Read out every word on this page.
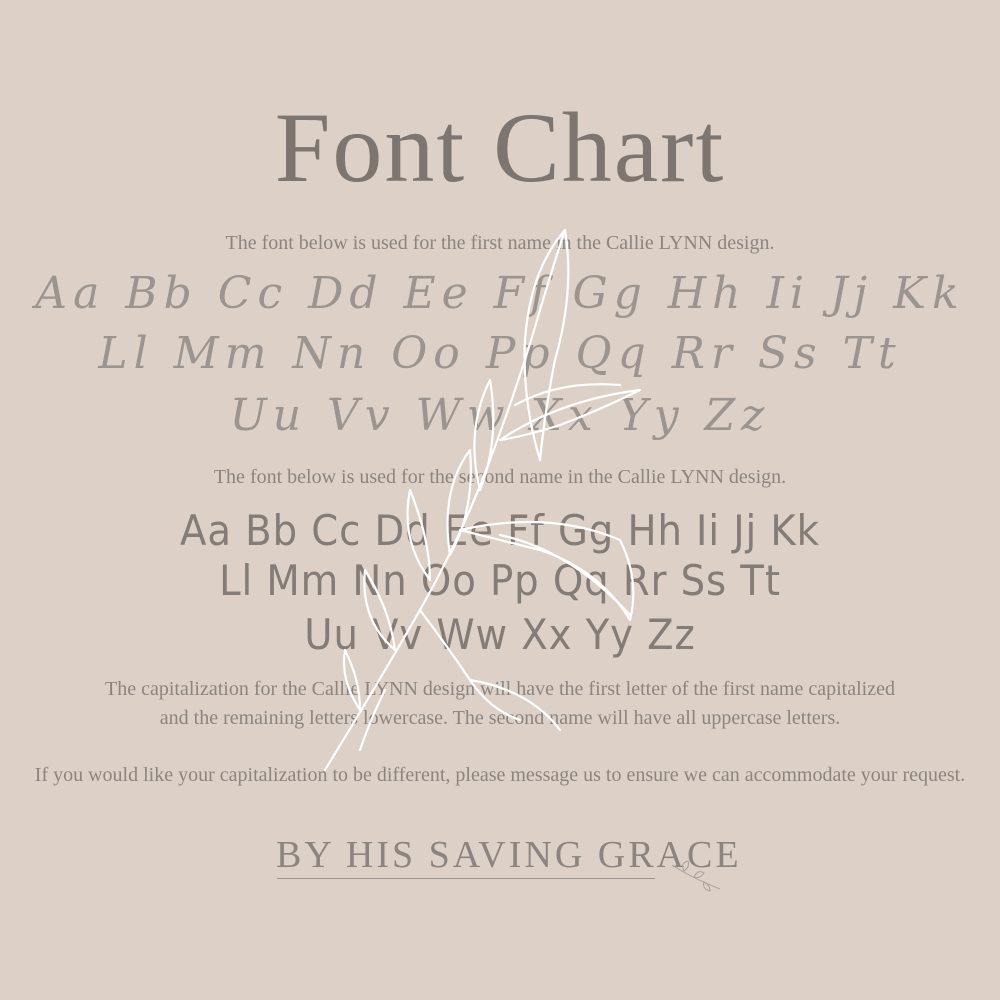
Font Chart
The font below is used for the first name in the Callie LYNN design.
Aa Bb Cc Dd Ee Ff Gg Hh Ii Jj Kk
Ll Mm Nn Oo Pp Qq Rr Ss Tt
Uu Vv Ww Xx Yy Zz
The font below is used for the second name in the Callie LYNN design.
Aa Bb Cc Dd Ee Ff Gg Hh Ii Jj Kk
Ll Mm Nn Oo Pp Qq Rr Ss Tt
Uu Vv Ww Xx Yy Zz
The capitalization for the Callie LYNN design will have the first letter of the first name capitalized
and the remaining letters lowercase. The second name will have all uppercase letters.
If you would like your capitalization to be different, please message us to ensure we can accommodate your request.
BY HIS SAVING GRACE
